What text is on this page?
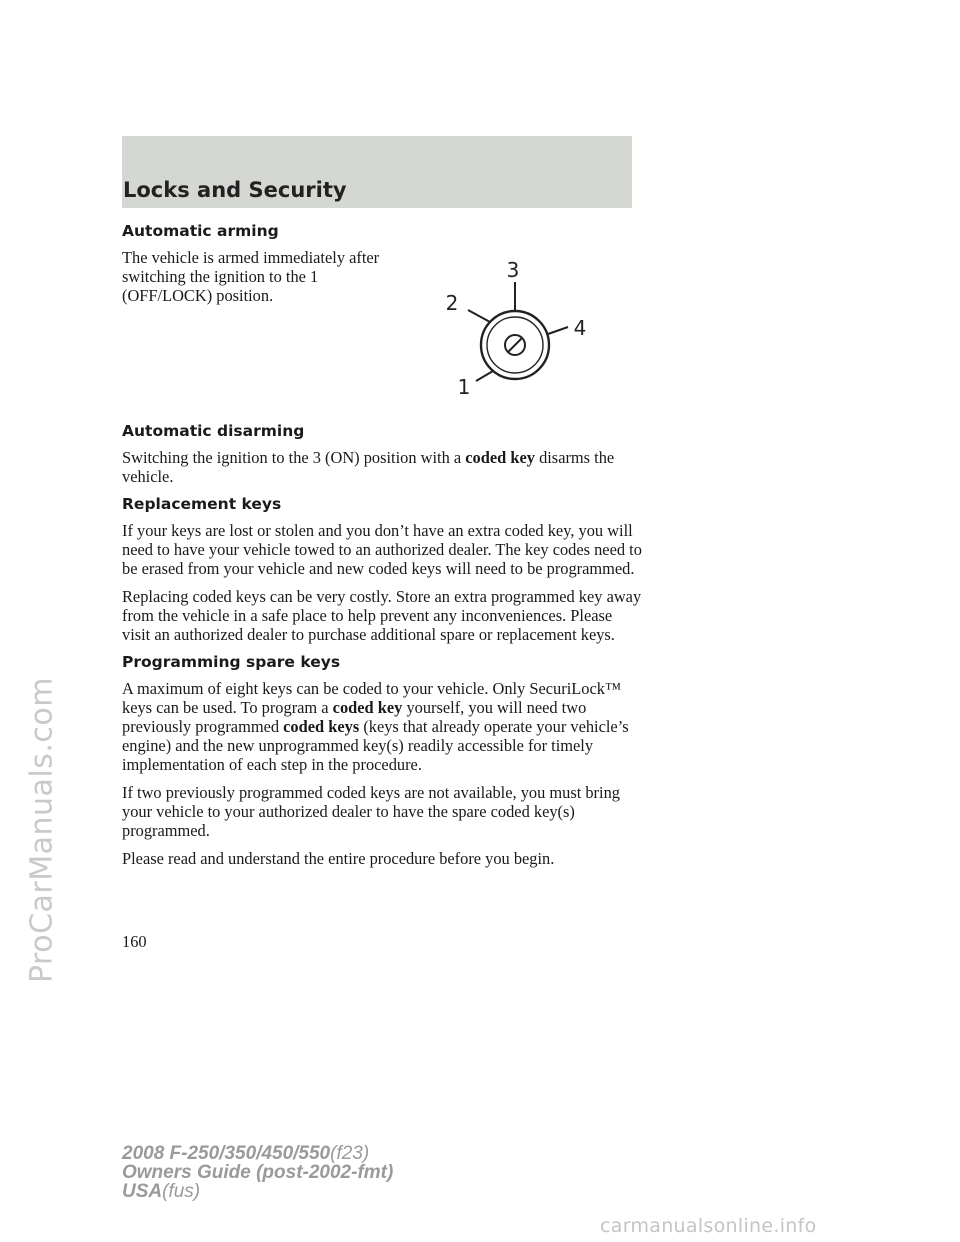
ProCarManuals.com
Locks and Security
1
2
3
4
Automatic arming

The vehicle is armed immediately after switching the ignition to the 1 (OFF/LOCK) position.

Automatic disarming

Switching the ignition to the 3 (ON) position with a coded key disarms the vehicle.

Replacement keys

If your keys are lost or stolen and you don’t have an extra coded key, you will need to have your vehicle towed to an authorized dealer. The key codes need to be erased from your vehicle and new coded keys will need to be programmed.

Replacing coded keys can be very costly. Store an extra programmed key away from the vehicle in a safe place to help prevent any inconveniences. Please visit an authorized dealer to purchase additional spare or replacement keys.

Programming spare keys

A maximum of eight keys can be coded to your vehicle. Only SecuriLock™ keys can be used. To program a coded key yourself, you will need two previously programmed coded keys (keys that already operate your vehicle’s engine) and the new unprogrammed key(s) readily accessible for timely implementation of each step in the procedure.

If two previously programmed coded keys are not available, you must bring your vehicle to your authorized dealer to have the spare coded key(s) programmed.

Please read and understand the entire procedure before you begin.

160
2008 F-250/350/450/550(f23)
Owners Guide (post-2002-fmt)
USA(fus)
carmanualsonline.info
